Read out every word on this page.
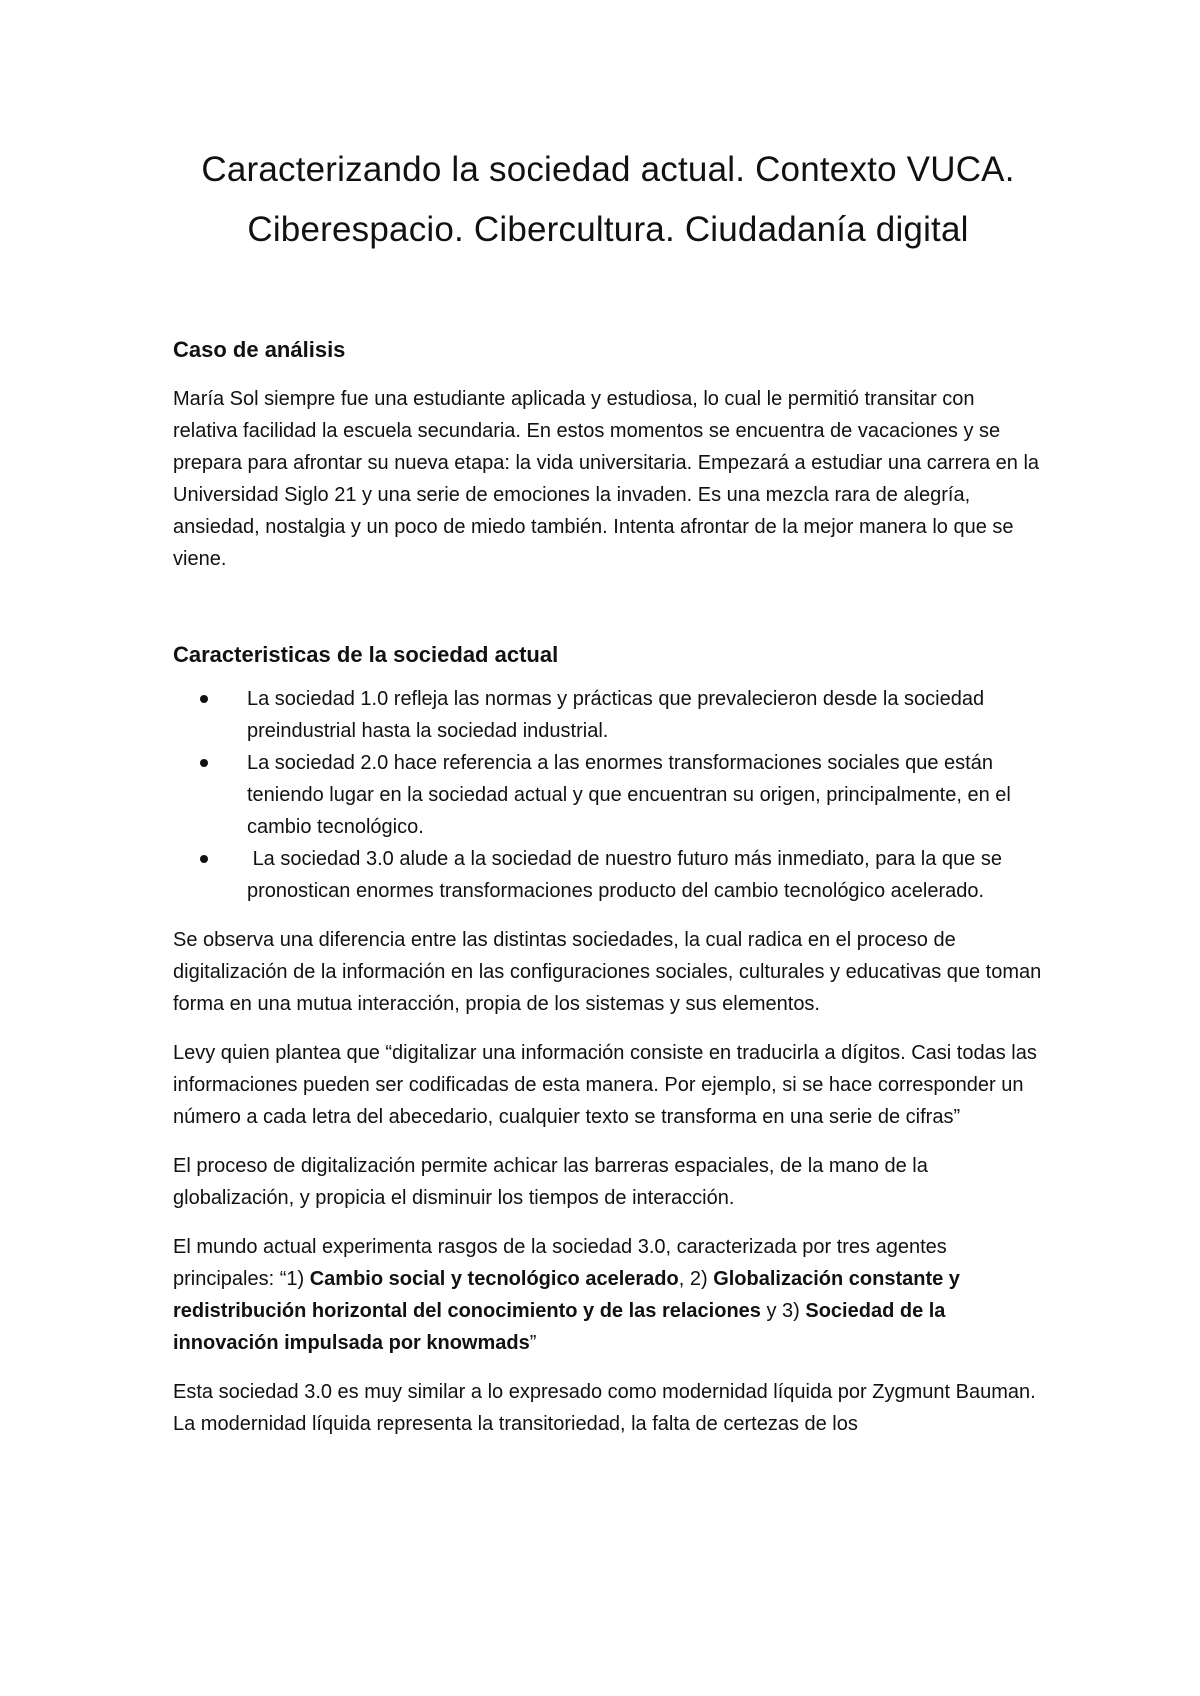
Caracterizando la sociedad actual. Contexto VUCA.
Ciberespacio. Cibercultura. Ciudadanía digital
Caso de análisis

María Sol siempre fue una estudiante aplicada y estudiosa, lo cual le permitió transitar con relativa facilidad la escuela secundaria. En estos momentos se encuentra de vacaciones y se prepara para afrontar su nueva etapa: la vida universitaria. Empezará a estudiar una carrera en la Universidad Siglo 21 y una serie de emociones la invaden. Es una mezcla rara de alegría, ansiedad, nostalgia y un poco de miedo también. Intenta afrontar de la mejor manera lo que se viene.

Caracteristicas de la sociedad actual
La sociedad 1.0 refleja las normas y prácticas que prevalecieron desde la sociedad preindustrial hasta la sociedad industrial.
La sociedad 2.0 hace referencia a las enormes transformaciones sociales que están teniendo lugar en la sociedad actual y que encuentran su origen, principalmente, en el cambio tecnológico.
La sociedad 3.0 alude a la sociedad de nuestro futuro más inmediato, para la que se pronostican enormes transformaciones producto del cambio tecnológico acelerado.

Se observa una diferencia entre las distintas sociedades, la cual radica en el proceso de digitalización de la información en las configuraciones sociales, culturales y educativas que toman forma en una mutua interacción, propia de los sistemas y sus elementos.

Levy quien plantea que “digitalizar una información consiste en traducirla a dígitos. Casi todas las informaciones pueden ser codificadas de esta manera. Por ejemplo, si se hace corresponder un número a cada letra del abecedario, cualquier texto se transforma en una serie de cifras”

El proceso de digitalización permite achicar las barreras espaciales, de la mano de la globalización, y propicia el disminuir los tiempos de interacción.

El mundo actual experimenta rasgos de la sociedad 3.0, caracterizada por tres agentes principales: “1) Cambio social y tecnológico acelerado, 2) Globalización constante y redistribución horizontal del conocimiento y de las relaciones y 3) Sociedad de la innovación impulsada por knowmads”

Esta sociedad 3.0 es muy similar a lo expresado como modernidad líquida por Zygmunt Bauman. La modernidad líquida representa la transitoriedad, la falta de certezas de los
